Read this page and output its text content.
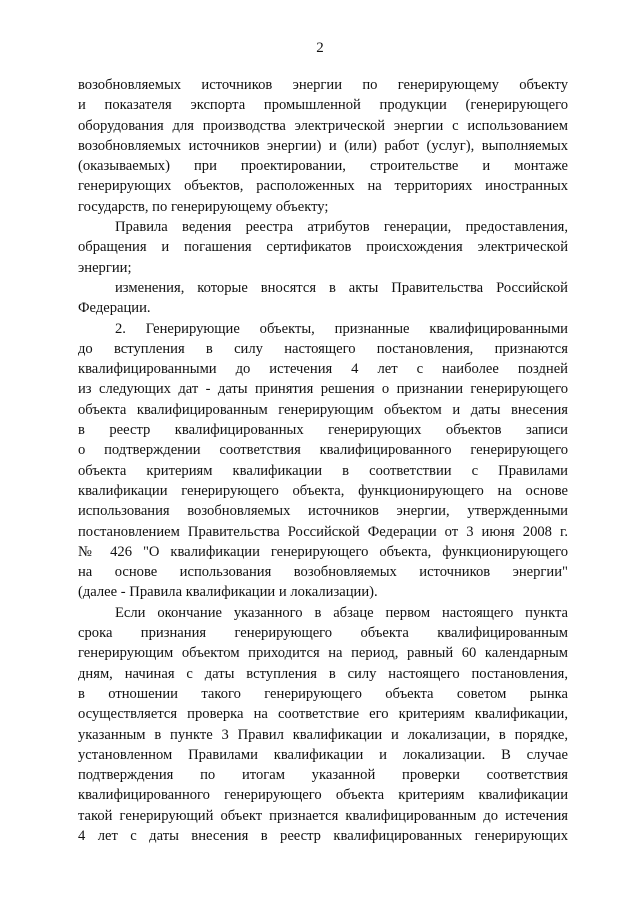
2
возобновляемых источников энергии по генерирующему объекту
и показателя экспорта промышленной продукции (генерирующего
оборудования для производства электрической энергии с использованием
возобновляемых источников энергии) и (или) работ (услуг), выполняемых
(оказываемых) при проектировании, строительстве и монтаже
генерирующих объектов, расположенных на территориях иностранных
государств, по генерирующему объекту;
Правила ведения реестра атрибутов генерации, предоставления,
обращения и погашения сертификатов происхождения электрической
энергии;
изменения, которые вносятся в акты Правительства Российской
Федерации.
2. Генерирующие объекты, признанные квалифицированными
до вступления в силу настоящего постановления, признаются
квалифицированными до истечения 4 лет с наиболее поздней
из следующих дат - даты принятия решения о признании генерирующего
объекта квалифицированным генерирующим объектом и даты внесения
в реестр квалифицированных генерирующих объектов записи
о подтверждении соответствия квалифицированного генерирующего
объекта критериям квалификации в соответствии с Правилами
квалификации генерирующего объекта, функционирующего на основе
использования возобновляемых источников энергии, утвержденными
постановлением Правительства Российской Федерации от 3 июня 2008 г.
№ 426 "О квалификации генерирующего объекта, функционирующего
на основе использования возобновляемых источников энергии"
(далее - Правила квалификации и локализации).
Если окончание указанного в абзаце первом настоящего пункта
срока признания генерирующего объекта квалифицированным
генерирующим объектом приходится на период, равный 60 календарным
дням, начиная с даты вступления в силу настоящего постановления,
в отношении такого генерирующего объекта советом рынка
осуществляется проверка на соответствие его критериям квалификации,
указанным в пункте 3 Правил квалификации и локализации, в порядке,
установленном Правилами квалификации и локализации. В случае
подтверждения по итогам указанной проверки соответствия
квалифицированного генерирующего объекта критериям квалификации
такой генерирующий объект признается квалифицированным до истечения
4 лет с даты внесения в реестр квалифицированных генерирующих
